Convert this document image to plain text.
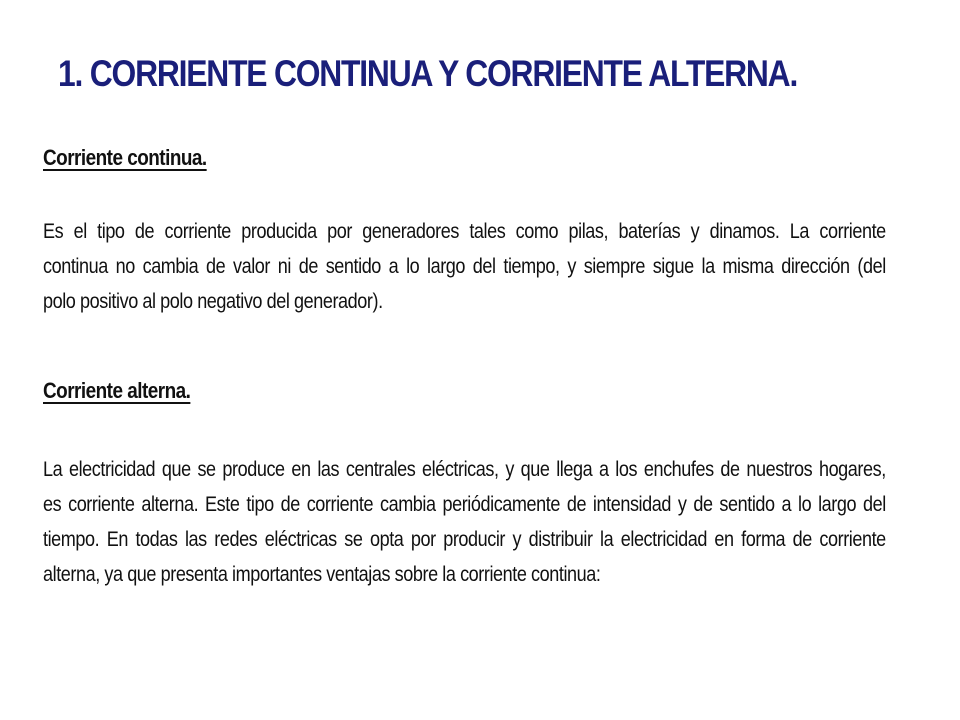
1. CORRIENTE CONTINUA Y CORRIENTE ALTERNA.
Corriente continua.

Es el tipo de corriente producida por generadores tales como pilas, baterías y dinamos. La corriente
continua no cambia de valor ni de sentido a lo largo del tiempo, y siempre sigue la misma dirección (del
polo positivo al polo negativo del generador).

Corriente alterna.

La electricidad que se produce en las centrales eléctricas, y que llega a los enchufes de nuestros hogares,
es corriente alterna. Este tipo de corriente cambia periódicamente de intensidad y de sentido a lo largo del
tiempo. En todas las redes eléctricas se opta por producir y distribuir la electricidad en forma de corriente
alterna, ya que presenta importantes ventajas sobre la corriente continua:
